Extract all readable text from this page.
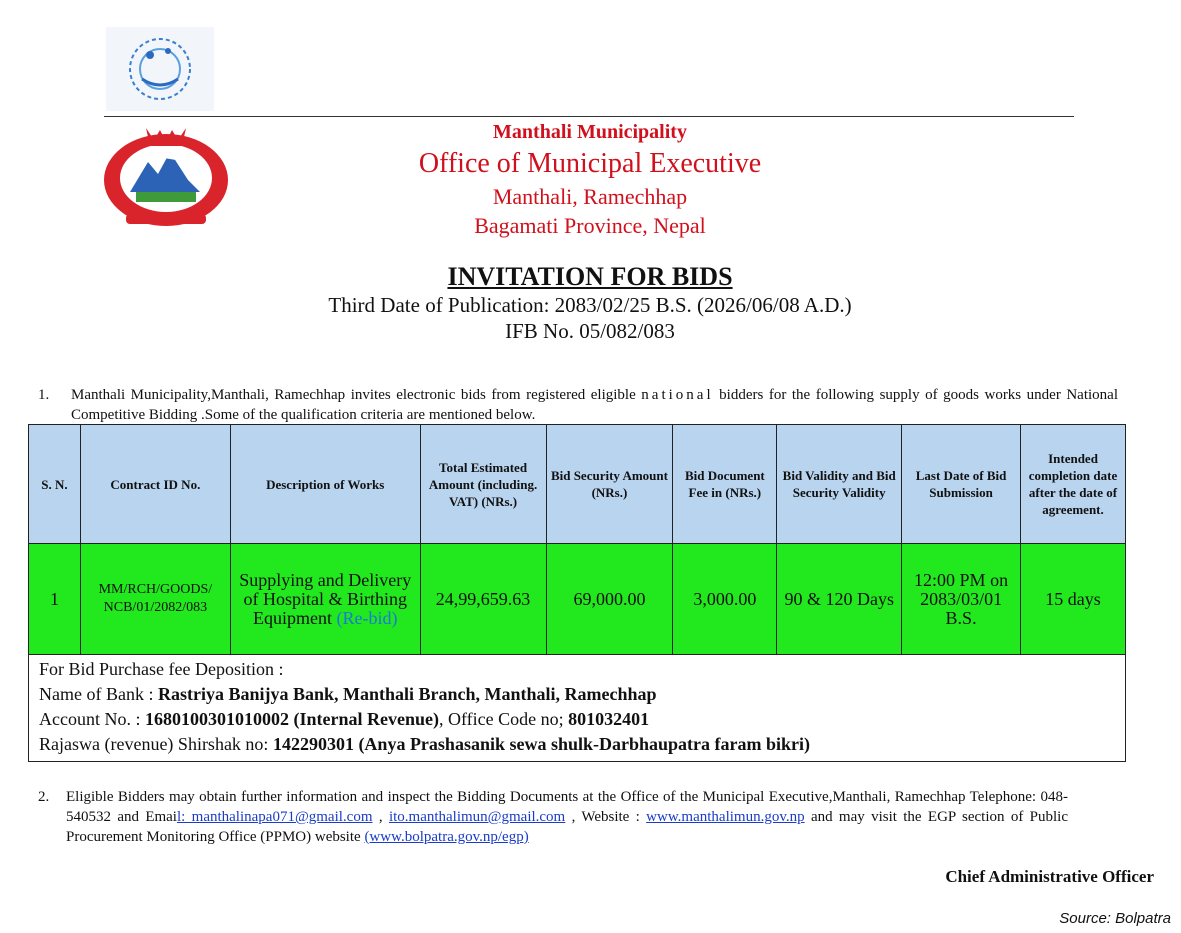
Manthali Municipality
Office of Municipal Executive
Manthali, Ramechhap
Bagamati Province, Nepal
INVITATION FOR BIDS
Third Date of Publication: 2083/02/25 B.S. (2026/06/08 A.D.)
IFB No. 05/082/083
1. Manthali Municipality,Manthali, Ramechhap invites electronic bids from registered eligible national bidders for the following supply of goods works under National Competitive Bidding .Some of the qualification criteria are mentioned below.
S. N.	Contract ID No.	Description of Works	Total Estimated Amount (including. VAT) (NRs.)	Bid Security Amount (NRs.)	Bid Document Fee in (NRs.)	Bid Validity and Bid Security Validity	Last Date of Bid Submission	Intended completion date after the date of agreement.
1	MM/RCH/GOODS/ NCB/01/2082/083	Supplying and Delivery of Hospital & Birthing Equipment (Re-bid)	24,99,659.63	69,000.00	3,000.00	90 & 120 Days	12:00 PM on 2083/03/01 B.S.	15 days

For Bid Purchase fee Deposition :
Name of Bank : Rastriya Banijya Bank, Manthali Branch, Manthali, Ramechhap
Account No. : 1680100301010002 (Internal Revenue), Office Code no; 801032401
Rajaswa (revenue) Shirshak no: 142290301 (Anya Prashasanik sewa shulk-Darbhaupatra faram bikri)								
2. Eligible Bidders may obtain further information and inspect the Bidding Documents at the Office of the Municipal Executive,Manthali, Ramechhap Telephone: 048-540532 and Email: manthalinapa071@gmail.com , ito.manthalimun@gmail.com , Website : www.manthalimun.gov.np and may visit the EGP section of Public Procurement Monitoring Office (PPMO) website (www.bolpatra.gov.np/egp)
Chief Administrative Officer
Source: Bolpatra
